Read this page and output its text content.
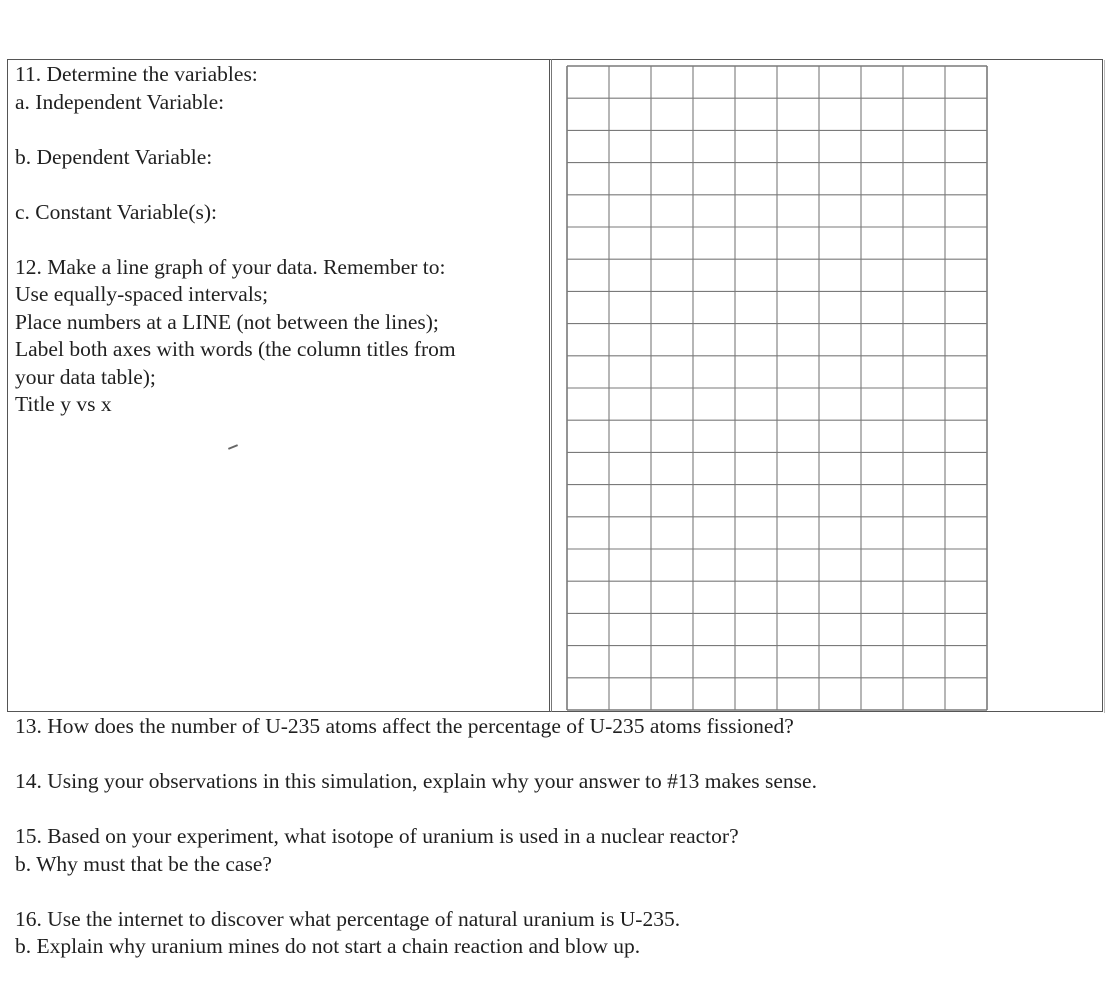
11. Determine the variables:

a. Independent Variable:

b. Dependent Variable:

c. Constant Variable(s):

12. Make a line graph of your data. Remember to:

Use equally-spaced intervals;

Place numbers at a LINE (not between the lines);

Label both axes with words (the column titles from

your data table);

Title y vs x

13. How does the number of U-235 atoms affect the percentage of U-235 atoms fissioned?

14. Using your observations in this simulation, explain why your answer to #13 makes sense.

15. Based on your experiment, what isotope of uranium is used in a nuclear reactor?

b. Why must that be the case?

16. Use the internet to discover what percentage of natural uranium is U-235.

b. Explain why uranium mines do not start a chain reaction and blow up.
